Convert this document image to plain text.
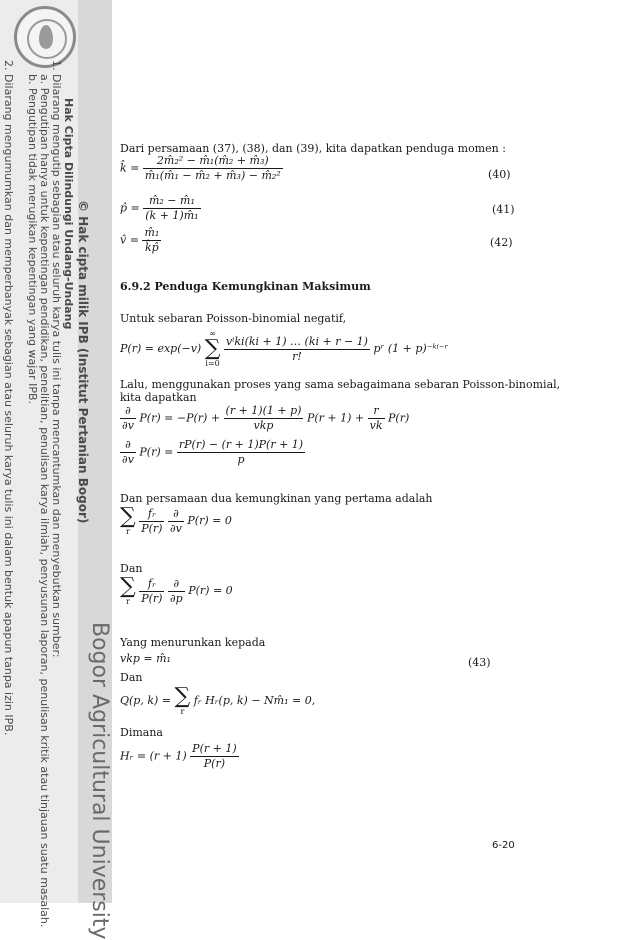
Hak Cipta Dilindungi Undang-Undang © Hak cipta milik IPB (Institut Pertanian Bogor)
1. Dilarang mengutip sebagian atau seluruh karya tulis ini tanpa mencantumkan dan menyebutkan sumber:
a. Pengutipan hanya untuk kepentingan pendidikan, penelitian, penulisan karya ilmiah, penyusunan laporan, penulisan kritik atau tinjauan suatu masalah.
b. Pengutipan tidak merugikan kepentingan yang wajar IPB.
2. Dilarang mengumumkan dan memperbanyak sebagian atau seluruh karya tulis ini dalam bentuk apapun tanpa izin IPB.
Bogor Agricultural University
Dari persamaan (37), (38), dan (39), kita dapatkan penduga momen :
k̂ = $\frac{\text{2m̂₂² − m̂₁(m̂₂ + m̂₃)}}{\text{m̂₁(m̂₁ − m̂₂ + m̂₃) − m̂₂²}}$	(40)
p̂ = $\frac{\text{m̂₂ − m̂₁}}{\text{(k + 1)m̂₁}}$	(41)
v̂ = $\frac{\text{m̂₁}}{k̂p̂}$	(42)
6.9.2 Penduga Kemungkinan Maksimum
Untuk sebaran Poisson-binomial negatif,
P(r) = exp(−v)
∞
∑
i=0
$\frac{\text{vⁱki(ki + 1) … (ki + r − 1)}}{r!}$ pʳ (1 + p)⁻ᵏⁱ⁻ʳ
Lalu, menggunakan proses yang sama sebagaimana sebaran Poisson-binomial,
kita dapatkan
$\frac{\partial}{\partial v} P(r) = -P(r) + \frac{(r + 1)(1 + p)}{\text{vkp}} P(r + 1) + \frac{r}{vk} P(r)$
$\frac{\partial}{\partial v} P(r) = \frac{rP(r) - (r + 1)P(r + 1)}{p}$
Dan persamaan dua kemungkinan yang pertama adalah
∑
r
$\frac{\text{fᵣ}}{P(r)}$
$\frac{\partial}{\partial v} P(r) = 0$
Dan
∑
r
$\frac{\text{fᵣ}}{P(r)}$
$\frac{\partial}{\partial p} P(r) = 0$
Yang menurunkan kepada
vkp = m̂₁	(43)
Dan
Q(p, k) = ∑
r
fᵣ Hᵣ(p, k) − Nm̂₁ = 0,
Dimana
Hᵣ = $(r + 1) \frac{P(r + 1)}{P(r)}$
6-20
